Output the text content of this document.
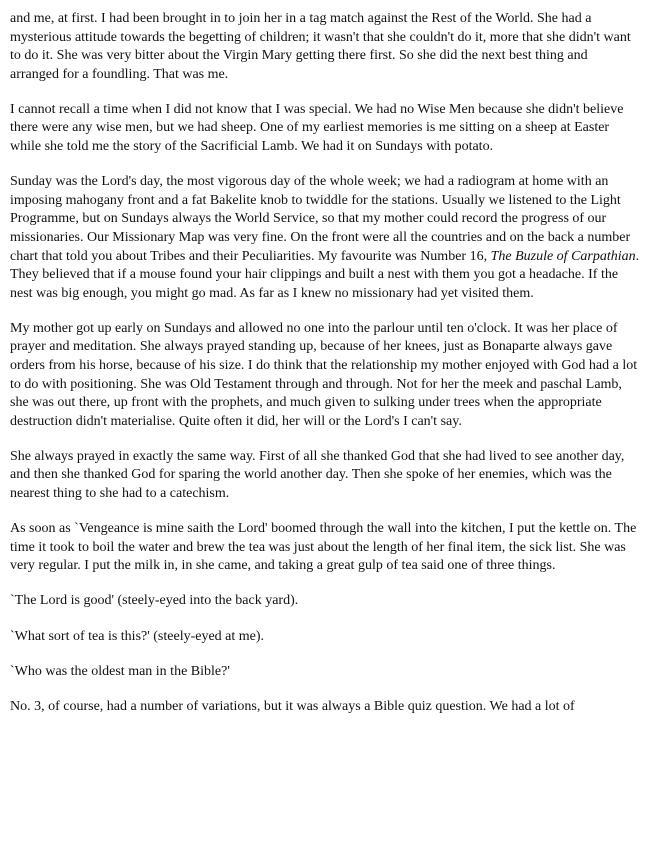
and me, at first. I had been brought in to join her in a tag match against the Rest of the World. She had a mysterious attitude towards the begetting of children; it wasn't that she couldn't do it, more that she didn't want to do it. She was very bitter about the Virgin Mary getting there first. So she did the next best thing and arranged for a foundling. That was me.

I cannot recall a time when I did not know that I was special. We had no Wise Men because she didn't believe there were any wise men, but we had sheep. One of my earliest memories is me sitting on a sheep at Easter while she told me the story of the Sacrificial Lamb. We had it on Sundays with potato.

Sunday was the Lord's day, the most vigorous day of the whole week; we had a radiogram at home with an imposing mahogany front and a fat Bakelite knob to twiddle for the stations. Usually we listened to the Light Programme, but on Sundays always the World Service, so that my mother could record the progress of our missionaries. Our Missionary Map was very fine. On the front were all the countries and on the back a number chart that told you about Tribes and their Peculiarities. My favourite was Number 16, The Buzule of Carpathian. They believed that if a mouse found your hair clippings and built a nest with them you got a headache. If the nest was big enough, you might go mad. As far as I knew no missionary had yet visited them.

My mother got up early on Sundays and allowed no one into the parlour until ten o'clock. It was her place of prayer and meditation. She always prayed standing up, because of her knees, just as Bonaparte always gave orders from his horse, because of his size. I do think that the relationship my mother enjoyed with God had a lot to do with positioning. She was Old Testament through and through. Not for her the meek and paschal Lamb, she was out there, up front with the prophets, and much given to sulking under trees when the appropriate destruction didn't materialise. Quite often it did, her will or the Lord's I can't say.

She always prayed in exactly the same way. First of all she thanked God that she had lived to see another day, and then she thanked God for sparing the world another day. Then she spoke of her enemies, which was the nearest thing to she had to a catechism.

As soon as `Vengeance is mine saith the Lord' boomed through the wall into the kitchen, I put the kettle on. The time it took to boil the water and brew the tea was just about the length of her final item, the sick list. She was very regular. I put the milk in, in she came, and taking a great gulp of tea said one of three things.

`The Lord is good' (steely-eyed into the back yard).

`What sort of tea is this?' (steely-eyed at me).

`Who was the oldest man in the Bible?'

No. 3, of course, had a number of variations, but it was always a Bible quiz question. We had a lot of
